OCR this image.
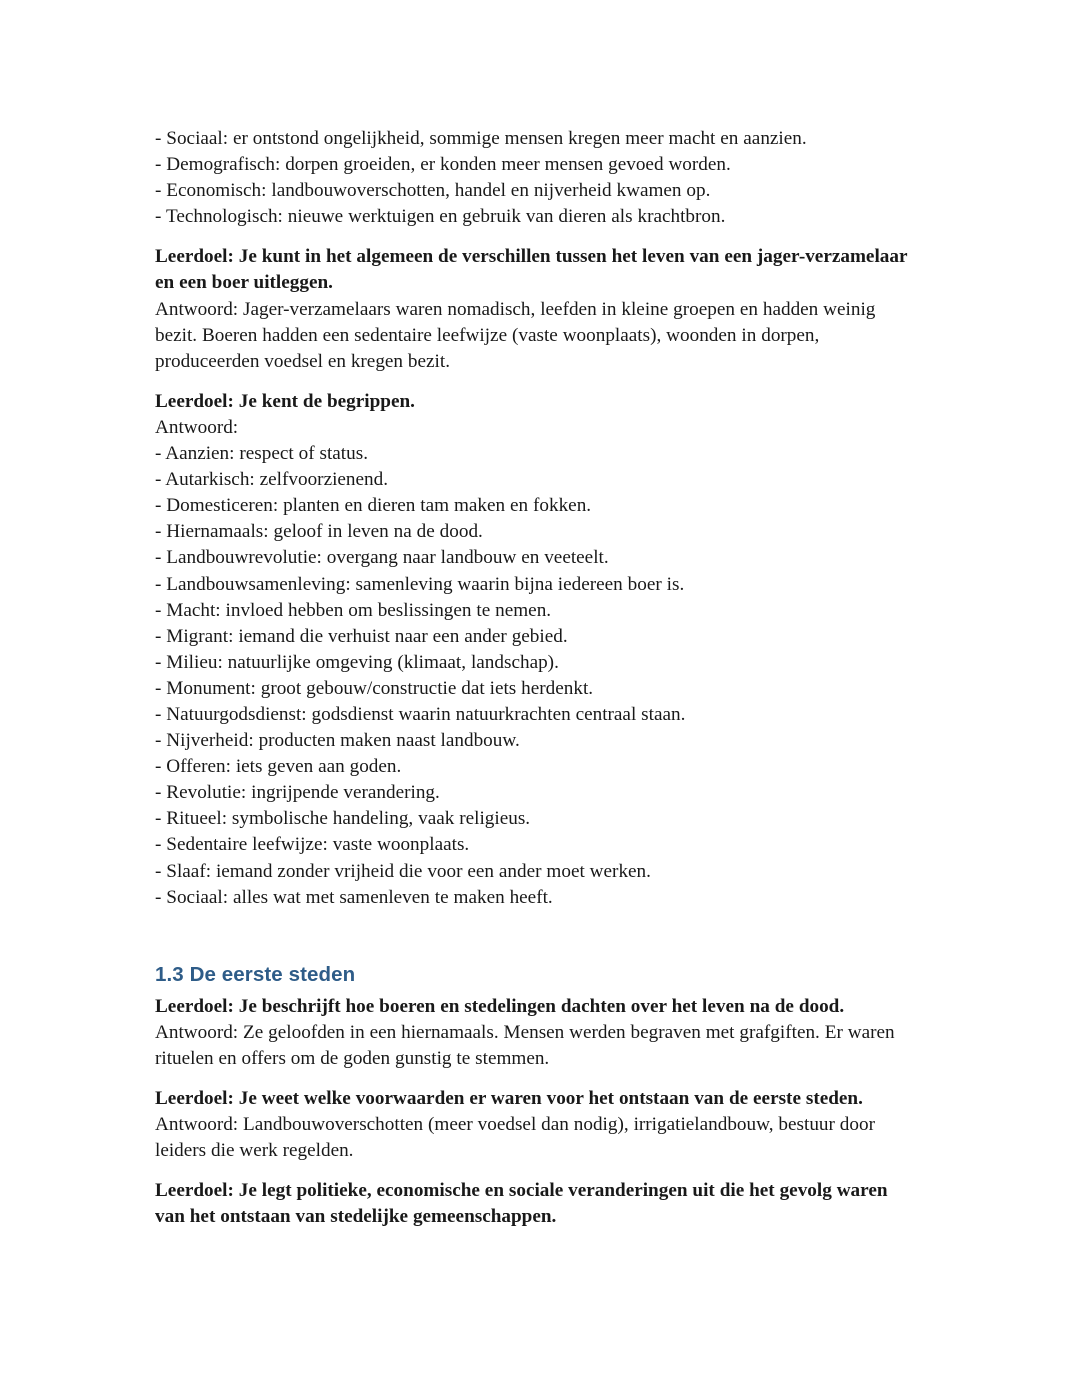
- Sociaal: er ontstond ongelijkheid, sommige mensen kregen meer macht en aanzien.
- Demografisch: dorpen groeiden, er konden meer mensen gevoed worden.
- Economisch: landbouwoverschotten, handel en nijverheid kwamen op.
- Technologisch: nieuwe werktuigen en gebruik van dieren als krachtbron.
Leerdoel: Je kunt in het algemeen de verschillen tussen het leven van een jager-verzamelaar en een boer uitleggen.
Antwoord: Jager-verzamelaars waren nomadisch, leefden in kleine groepen en hadden weinig bezit. Boeren hadden een sedentaire leefwijze (vaste woonplaats), woonden in dorpen, produceerden voedsel en kregen bezit.
Leerdoel: Je kent de begrippen.
Antwoord:
- Aanzien: respect of status.
- Autarkisch: zelfvoorzienend.
- Domesticeren: planten en dieren tam maken en fokken.
- Hiernamaals: geloof in leven na de dood.
- Landbouwrevolutie: overgang naar landbouw en veeteelt.
- Landbouwsamenleving: samenleving waarin bijna iedereen boer is.
- Macht: invloed hebben om beslissingen te nemen.
- Migrant: iemand die verhuist naar een ander gebied.
- Milieu: natuurlijke omgeving (klimaat, landschap).
- Monument: groot gebouw/constructie dat iets herdenkt.
- Natuurgodsdienst: godsdienst waarin natuurkrachten centraal staan.
- Nijverheid: producten maken naast landbouw.
- Offeren: iets geven aan goden.
- Revolutie: ingrijpende verandering.
- Ritueel: symbolische handeling, vaak religieus.
- Sedentaire leefwijze: vaste woonplaats.
- Slaaf: iemand zonder vrijheid die voor een ander moet werken.
- Sociaal: alles wat met samenleven te maken heeft.
1.3 De eerste steden
Leerdoel: Je beschrijft hoe boeren en stedelingen dachten over het leven na de dood.
Antwoord: Ze geloofden in een hiernamaals. Mensen werden begraven met grafgiften. Er waren rituelen en offers om de goden gunstig te stemmen.
Leerdoel: Je weet welke voorwaarden er waren voor het ontstaan van de eerste steden.
Antwoord: Landbouwoverschotten (meer voedsel dan nodig), irrigatielandbouw, bestuur door leiders die werk regelden.
Leerdoel: Je legt politieke, economische en sociale veranderingen uit die het gevolg waren van het ontstaan van stedelijke gemeenschappen.
